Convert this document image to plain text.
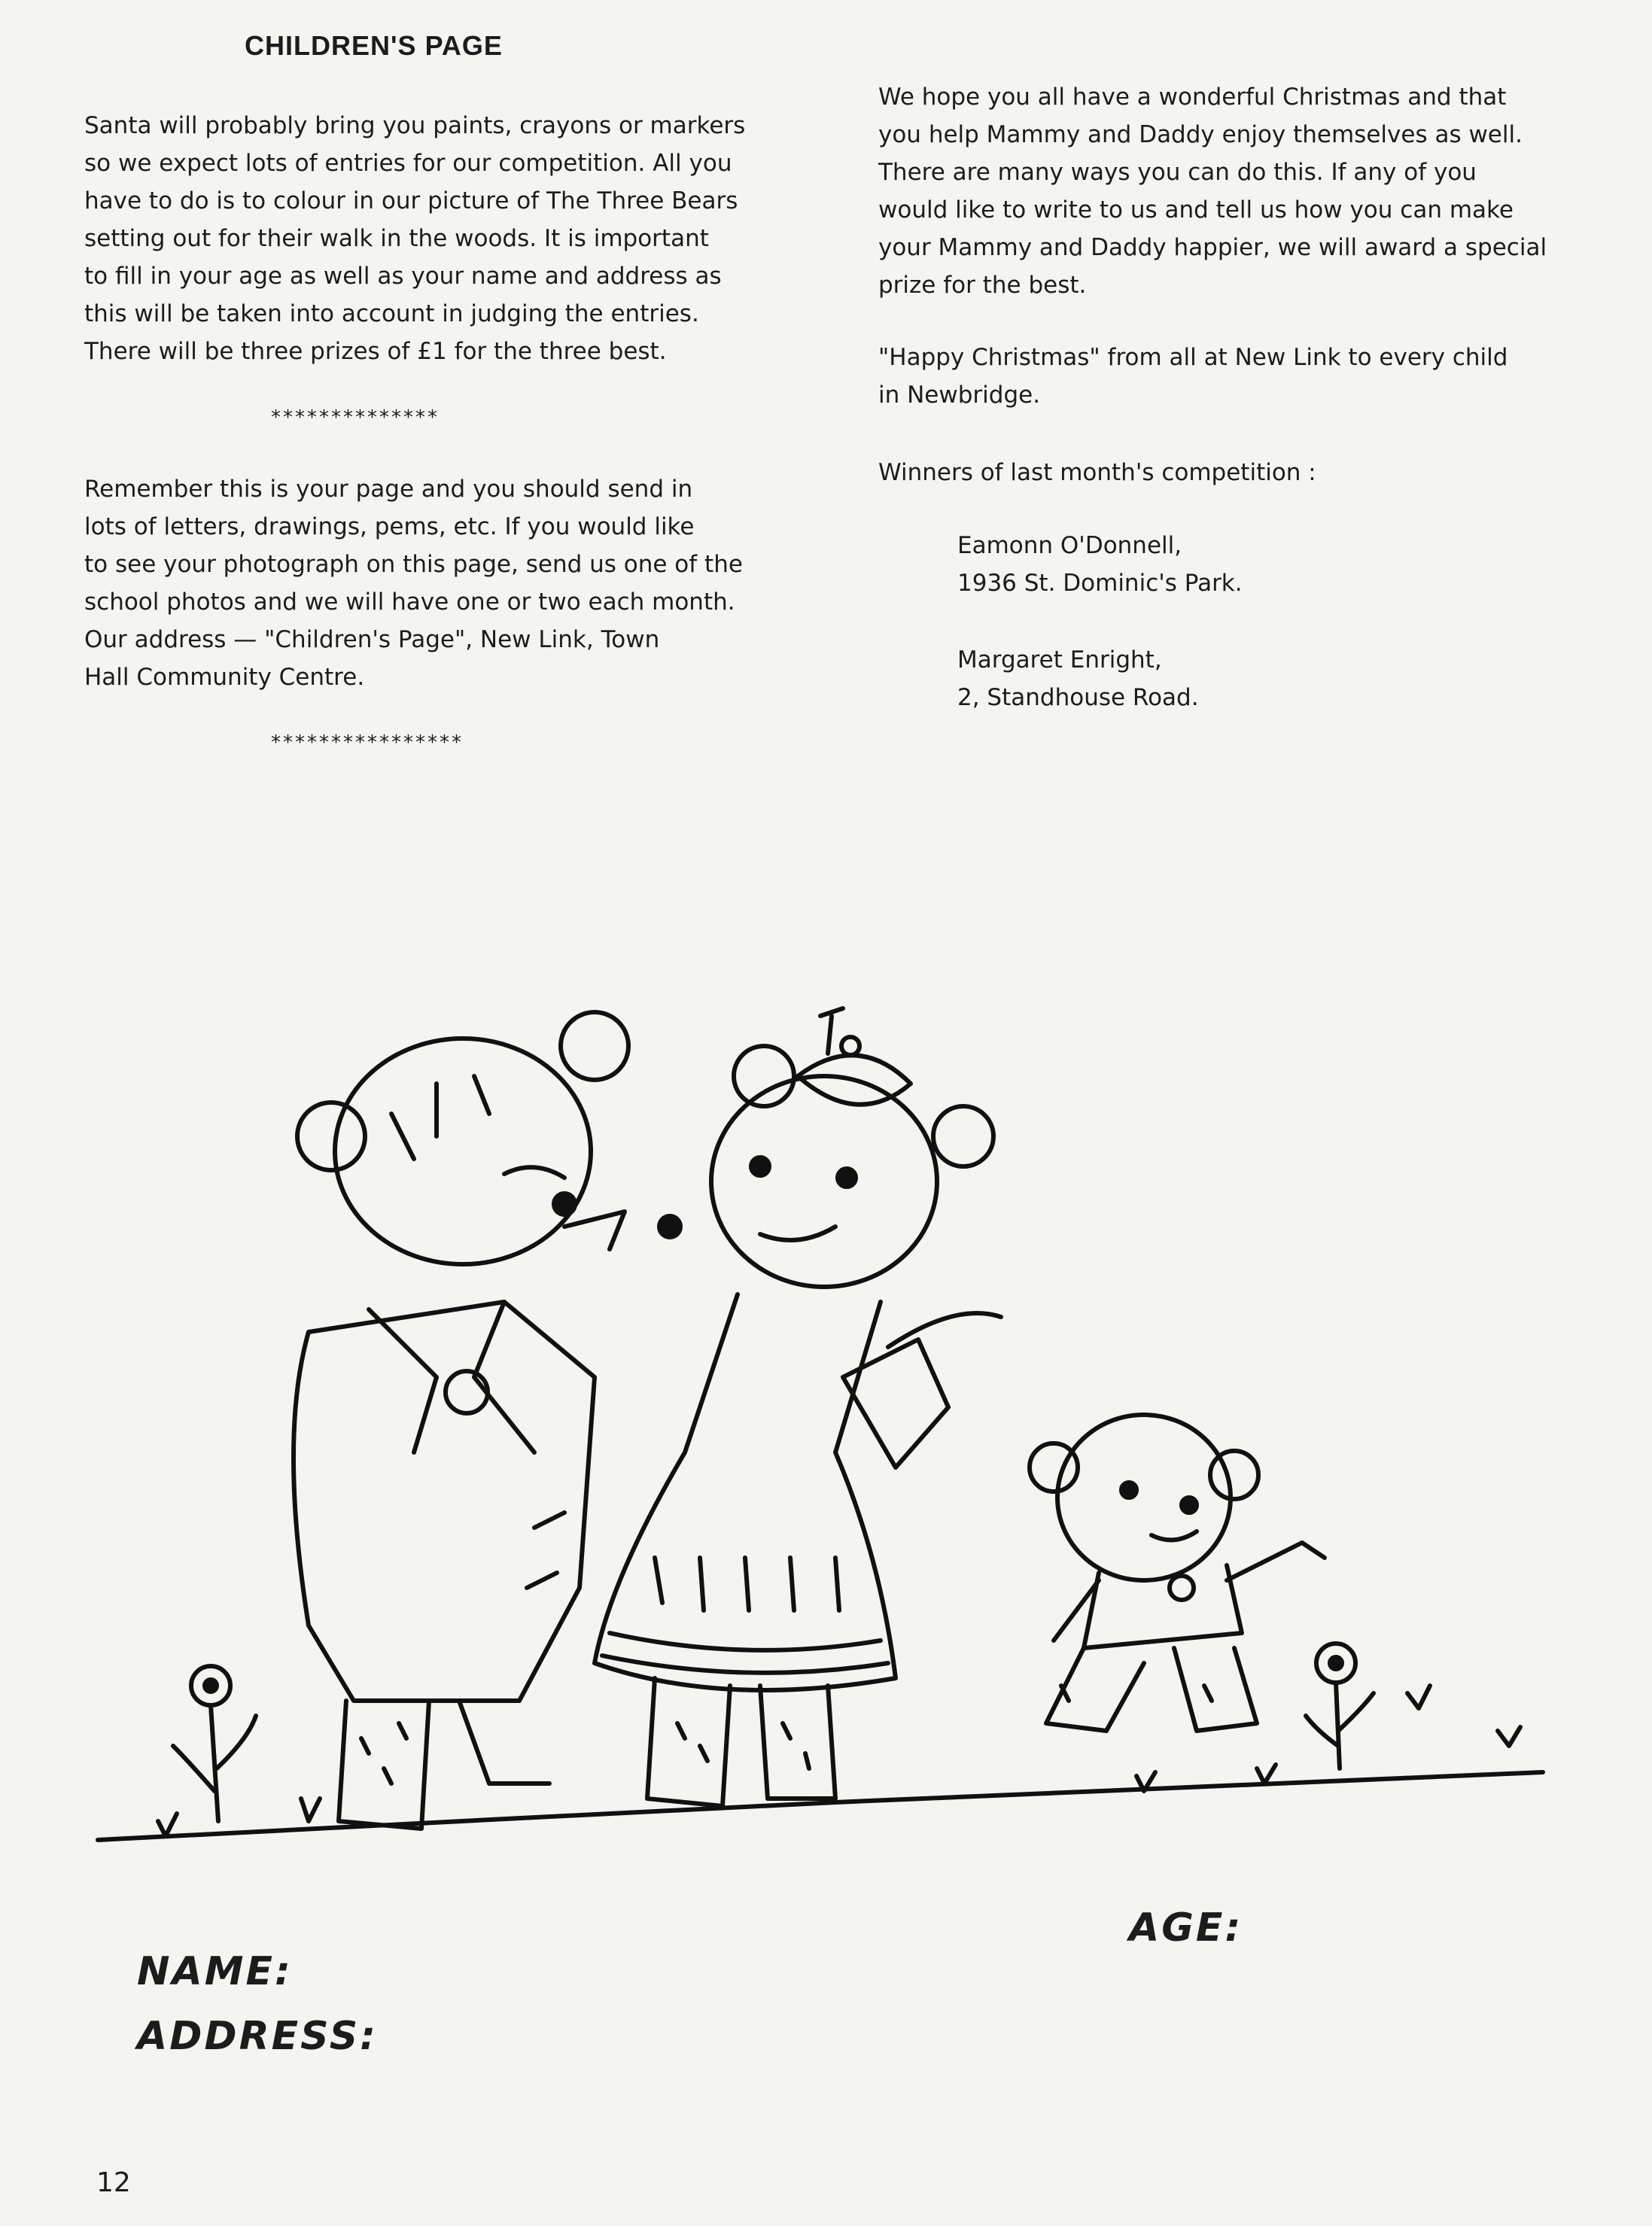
CHILDREN'S PAGE

Santa will probably bring you paints, crayons or markers
so we expect lots of entries for our competition. All you
have to do is to colour in our picture of The Three Bears
setting out for their walk in the woods. It is important
to fill in your age as well as your name and address as
this will be taken into account in judging the entries.
There will be three prizes of £1 for the three best.

**************

Remember this is your page and you should send in
lots of letters, drawings, pems, etc. If you would like
to see your photograph on this page, send us one of the
school photos and we will have one or two each month.
Our address — "Children's Page", New Link, Town
Hall Community Centre.

****************

We hope you all have a wonderful Christmas and that
you help Mammy and Daddy enjoy themselves as well.
There are many ways you can do this. If any of you
would like to write to us and tell us how you can make
your Mammy and Daddy happier, we will award a special
prize for the best.

"Happy Christmas" from all at New Link to every child
in Newbridge.

Winners of last month's competition :

Eamonn O'Donnell,
1936 St. Dominic's Park.
Margaret Enright,
2, Standhouse Road.
AGE:
NAME:
ADDRESS:
12
